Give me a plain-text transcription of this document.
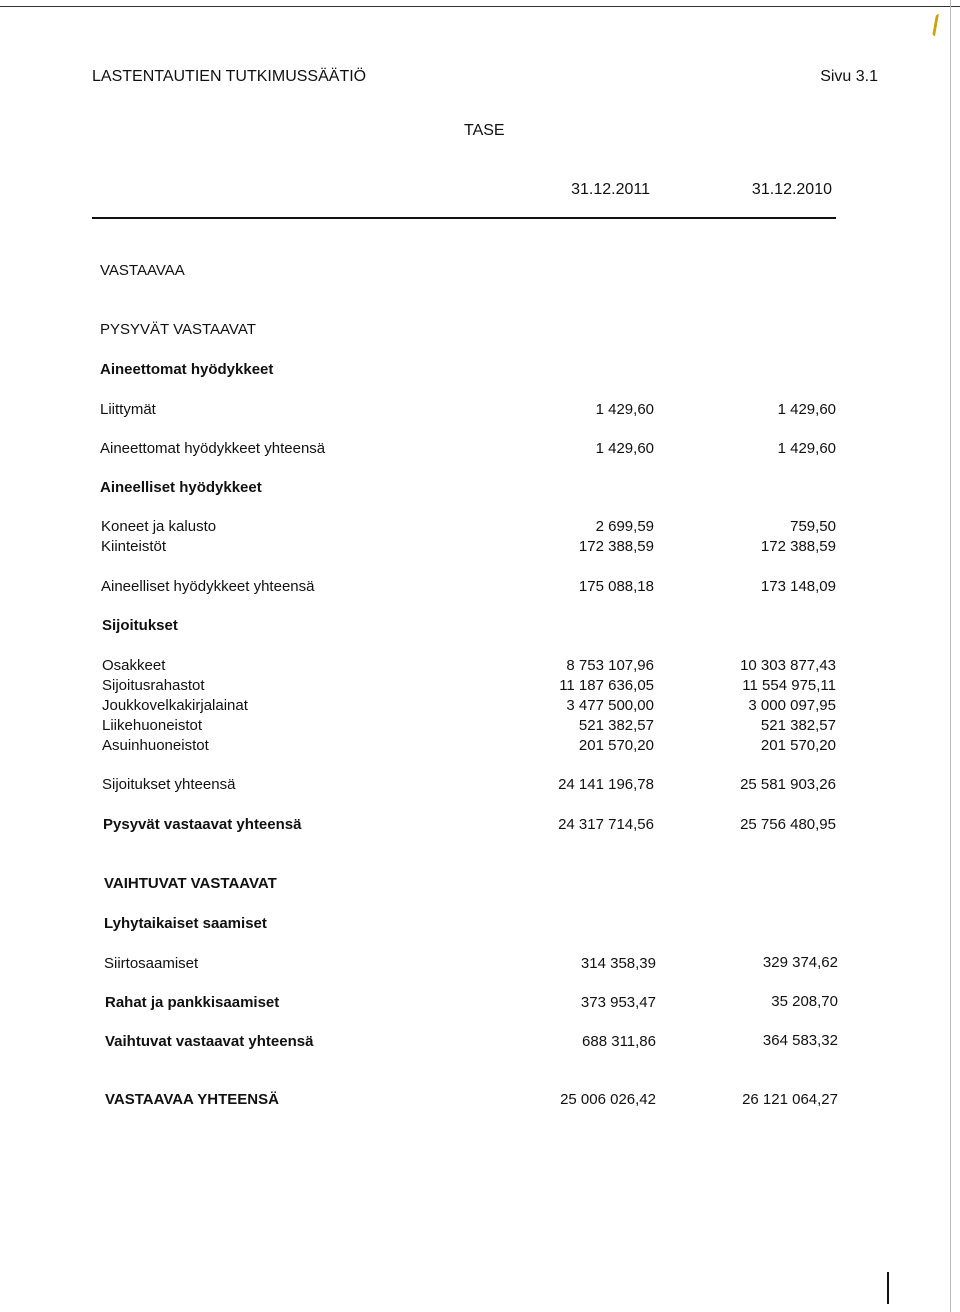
LASTENTAUTIEN TUTKIMUSSÄÄTIÖ	Sivu 3.1
TASE
31.12.2011	31.12.2010
VASTAAVAA
PYSYVÄT VASTAAVAT
Aineettomat hyödykkeet
Liittymät
Aineettomat hyödykkeet yhteensä
Aineelliset hyödykkeet
Koneet ja kalusto
Kiinteistöt
Aineelliset hyödykkeet yhteensä
Sijoitukset
Osakkeet
Sijoitusrahastot
Joukkovelkakirjalainat
Liikehuoneistot
Asuinhuoneistot
Sijoitukset yhteensä
Pysyvät vastaavat yhteensä
VAIHTUVAT VASTAAVAT
Lyhytaikaiset saamiset
Siirtosaamiset
Rahat ja pankkisaamiset
Vaihtuvat vastaavat yhteensä
VASTAAVAA YHTEENSÄ
1 429,60
1 429,60
2 699,59
172 388,59
175 088,18
8 753 107,96
11 187 636,05
3 477 500,00
521 382,57
201 570,20
24 141 196,78
24 317 714,56
314 358,39
373 953,47
688 311,86
25 006 026,42
1 429,60
1 429,60
759,50
172 388,59
173 148,09
10 303 877,43
11 554 975,11
3 000 097,95
521 382,57
201 570,20
25 581 903,26
25 756 480,95
329 374,62
35 208,70
364 583,32
26 121 064,27
